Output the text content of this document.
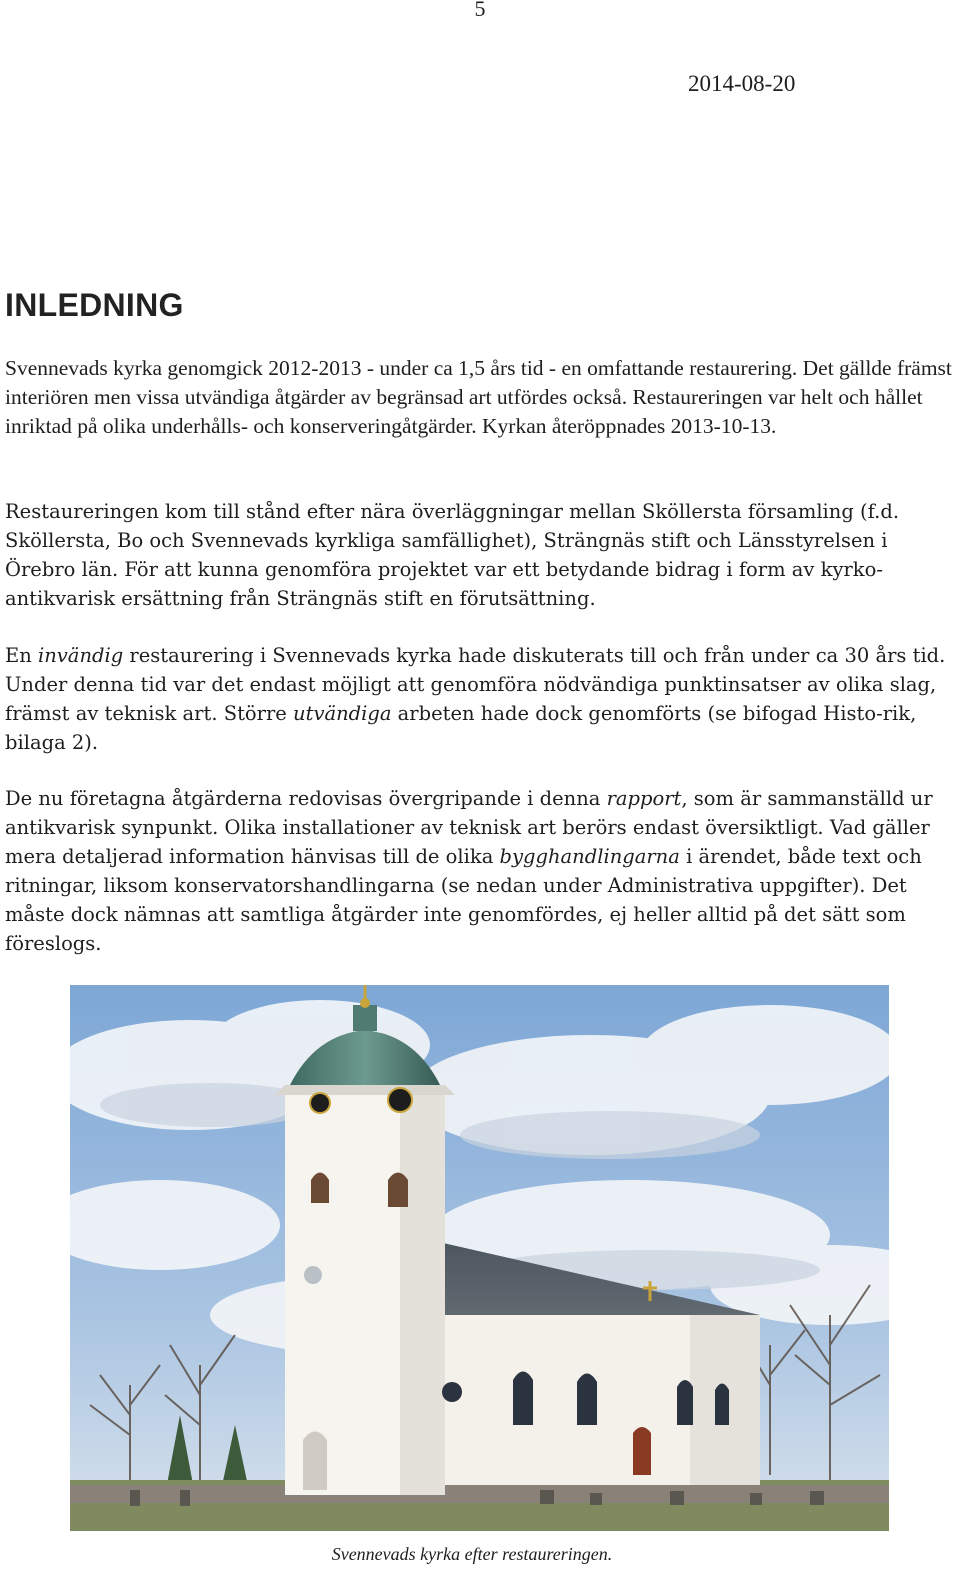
5
2014-08-20
INLEDNING

Svennevads kyrka genomgick 2012-2013 - under ca 1,5 års tid - en omfattande restaurering. Det gällde främst interiören men vissa utvändiga åtgärder av begränsad art utfördes också. Restaureringen var helt och hållet inriktad på olika underhålls- och konserveringåtgärder. Kyrkan återöppnades 2013-10-13.

Restaureringen kom till stånd efter nära överläggningar mellan Sköllersta församling (f.d. Sköllersta, Bo och Svennevads kyrkliga samfällighet), Strängnäs stift och Länsstyrelsen i Örebro län. För att kunna genomföra projektet var ett betydande bidrag i form av kyrko-antikvarisk ersättning från Strängnäs stift en förutsättning.

En invändig restaurering i Svennevads kyrka hade diskuterats till och från under ca 30 års tid. Under denna tid var det endast möjligt att genomföra nödvändiga punktinsatser av olika slag, främst av teknisk art. Större utvändiga arbeten hade dock genomförts (se bifogad Histo-rik, bilaga 2).

De nu företagna åtgärderna redovisas övergripande i denna rapport, som är sammanställd ur antikvarisk synpunkt. Olika installationer av teknisk art berörs endast översiktligt. Vad gäller mera detaljerad information hänvisas till de olika bygghandlingarna i ärendet, både text och ritningar, liksom konservatorshandlingarna (se nedan under Administrativa uppgifter). Det måste dock nämnas att samtliga åtgärder inte genomfördes, ej heller alltid på det sätt som föreslogs.

Svennevads kyrka efter restaureringen.
